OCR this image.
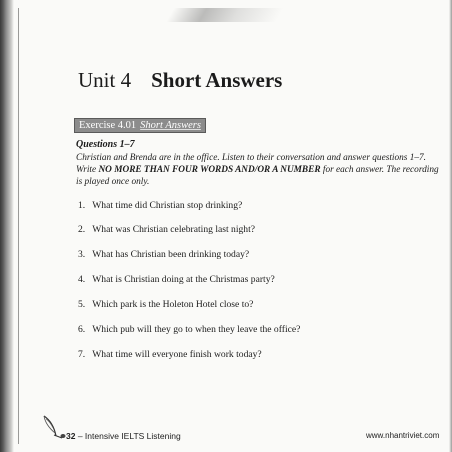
Unit 4 Short Answers
Exercise 4.01 Short Answers
Questions 1–7
Christian and Brenda are in the office. Listen to their conversation and answer questions 1–7. Write NO MORE THAN FOUR WORDS AND/OR A NUMBER for each answer. The recording is played once only.
1. What time did Christian stop drinking?
2. What was Christian celebrating last night?
3. What has Christian been drinking today?
4. What is Christian doing at the Christmas party?
5. Which park is the Holeton Hotel close to?
6. Which pub will they go to when they leave the office?
7. What time will everyone finish work today?
32 – Intensive IELTS Listening	www.nhantriviet.com
